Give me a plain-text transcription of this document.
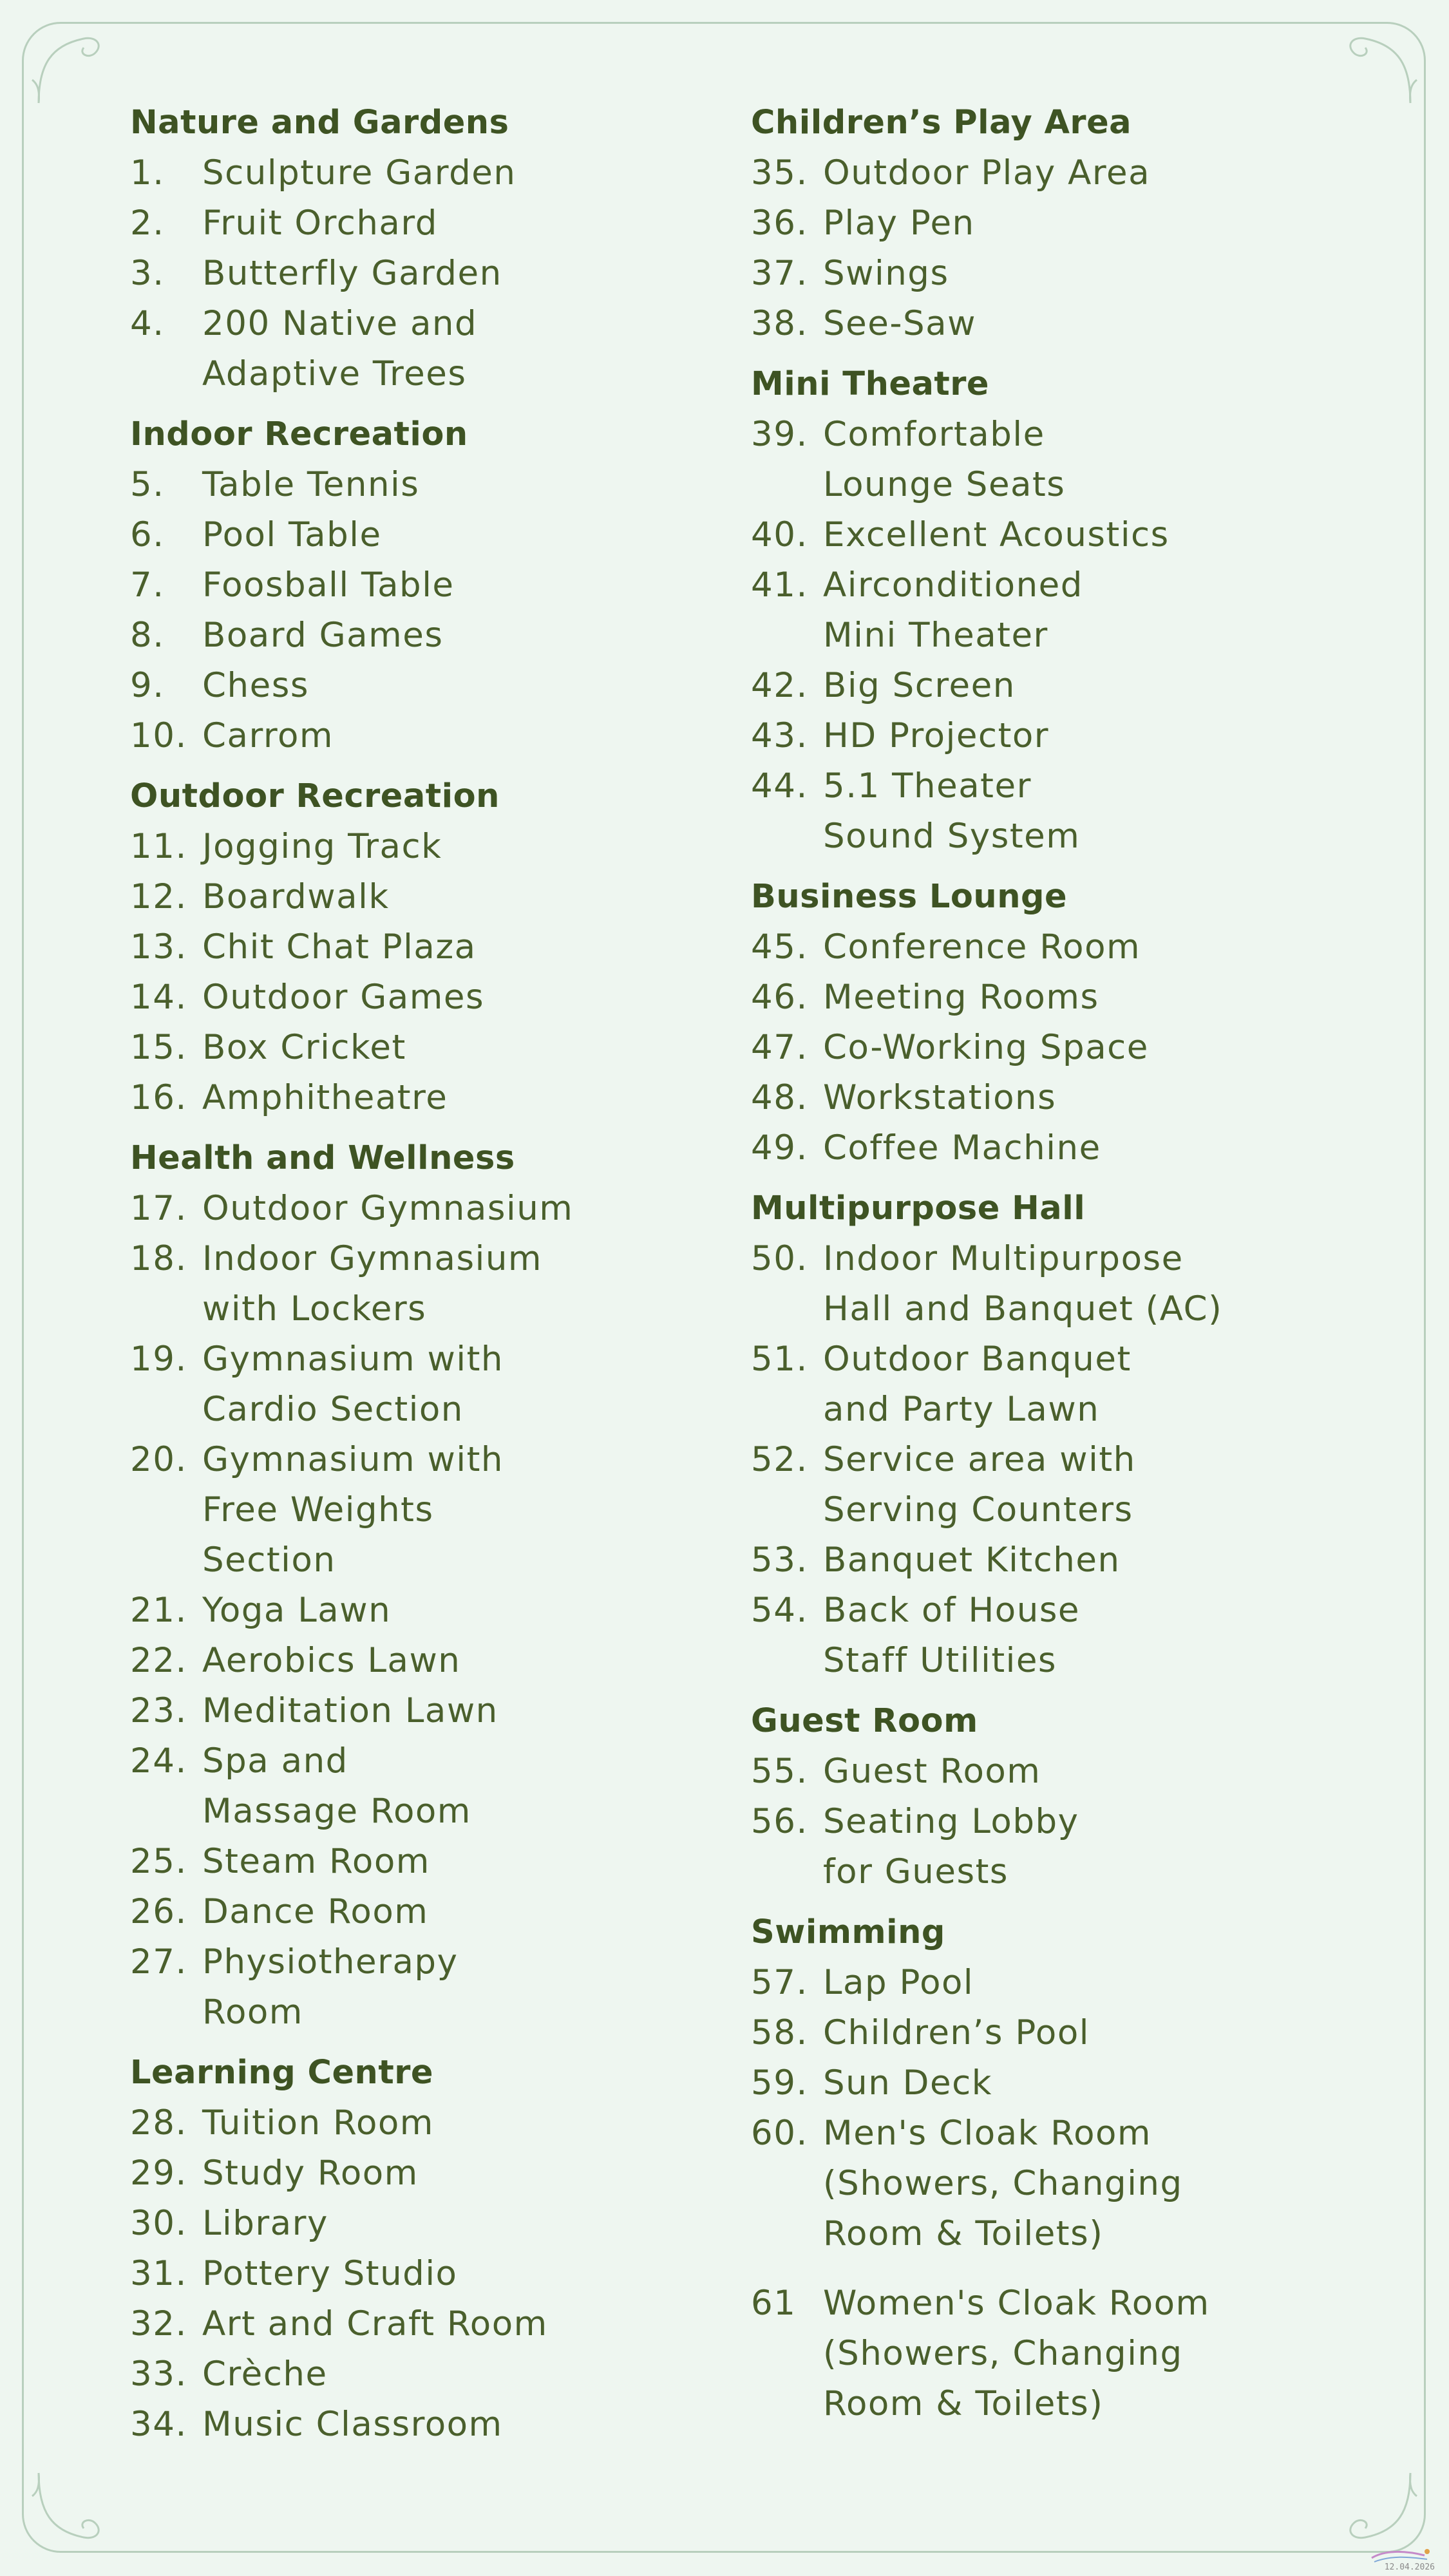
Nature and Gardens
1.	Sculpture Garden
2.	Fruit Orchard
3.	Butterfly Garden
4.	200 Native and
Adaptive Trees
Indoor Recreation
5.	Table Tennis
6.	Pool Table
7.	Foosball Table
8.	Board Games
9.	Chess
10. Carrom
Outdoor Recreation
11. Jogging Track
12. Boardwalk
13. Chit Chat Plaza
14. Outdoor Games
15. Box Cricket
16. Amphitheatre
Health and Wellness
17. Outdoor Gymnasium
18. Indoor Gymnasium
with Lockers
19. Gymnasium with
Cardio Section
20. Gymnasium with
Free Weights
Section
21. Yoga Lawn
22. Aerobics Lawn
23. Meditation Lawn
24. Spa and
Massage Room
25. Steam Room
26. Dance Room
27. Physiotherapy
Room
Learning Centre
28. Tuition Room
29. Study Room
30. Library
31. Pottery Studio
32. Art and Craft Room
33. Crèche
34. Music Classroom
Children’s Play Area
35. Outdoor Play Area
36. Play Pen
37. Swings
38. See-Saw
Mini Theatre
39. Comfortable
Lounge Seats
40. Excellent Acoustics
41. Airconditioned
Mini Theater
42. Big Screen
43. HD Projector
44. 5.1 Theater
Sound System
Business Lounge
45. Conference Room
46. Meeting Rooms
47. Co-Working Space
48. Workstations
49. Coffee Machine
Multipurpose Hall
50. Indoor Multipurpose
Hall and Banquet (AC)
51. Outdoor Banquet
and Party Lawn
52. Service area with
Serving Counters
53. Banquet Kitchen
54. Back of House
Staff Utilities
Guest Room
55. Guest Room
56. Seating Lobby
for Guests
Swimming
57. Lap Pool
58. Children’s Pool
59. Sun Deck
60. Men's Cloak Room
(Showers, Changing
Room & Toilets)
61 Women's Cloak Room
(Showers, Changing
Room & Toilets)
12.04.2026
